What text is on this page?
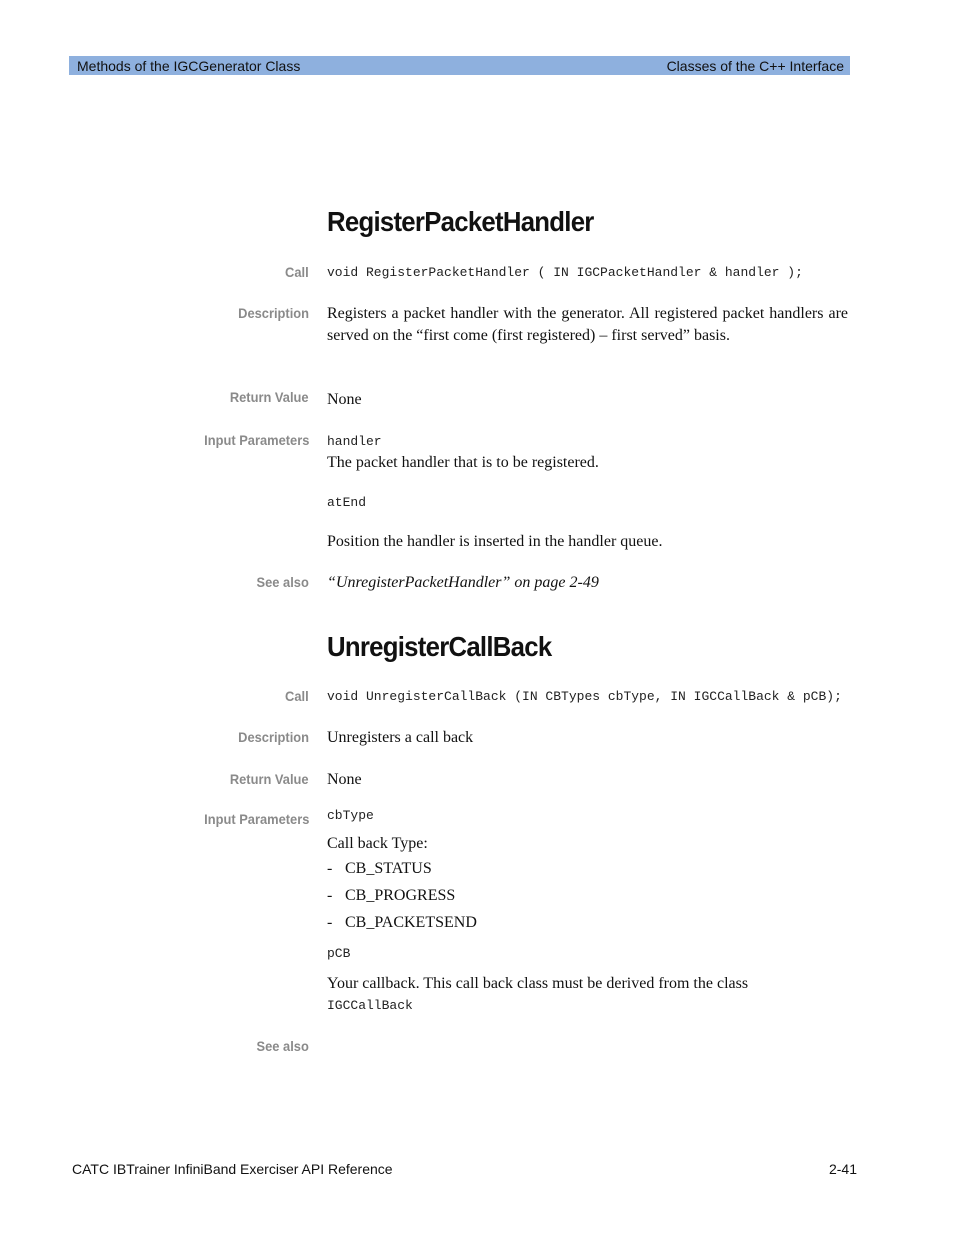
Methods of the IGCGenerator Class	Classes of the C++ Interface
RegisterPacketHandler
Call void RegisterPacketHandler ( IN IGCPacketHandler & handler );
Description Registers a packet handler with the generator. All registered packet handlers are served on the “first come (first registered) – first served” basis.
Return Value None
Input Parameters handler
The packet handler that is to be registered.
atEnd
Position the handler is inserted in the handler queue.
See also “UnregisterPacketHandler” on page 2-49
UnregisterCallBack
Call void UnregisterCallBack (IN CBTypes cbType, IN IGCCallBack & pCB);
Description Unregisters a call back
Return Value None
Input Parameters cbType
Call back Type:
- CB_STATUS
- CB_PROGRESS
- CB_PACKETSEND
pCB
Your callback. This call back class must be derived from the class
IGCCallBack
See also
CATC IBTrainer InfiniBand Exerciser API Reference	2-41
